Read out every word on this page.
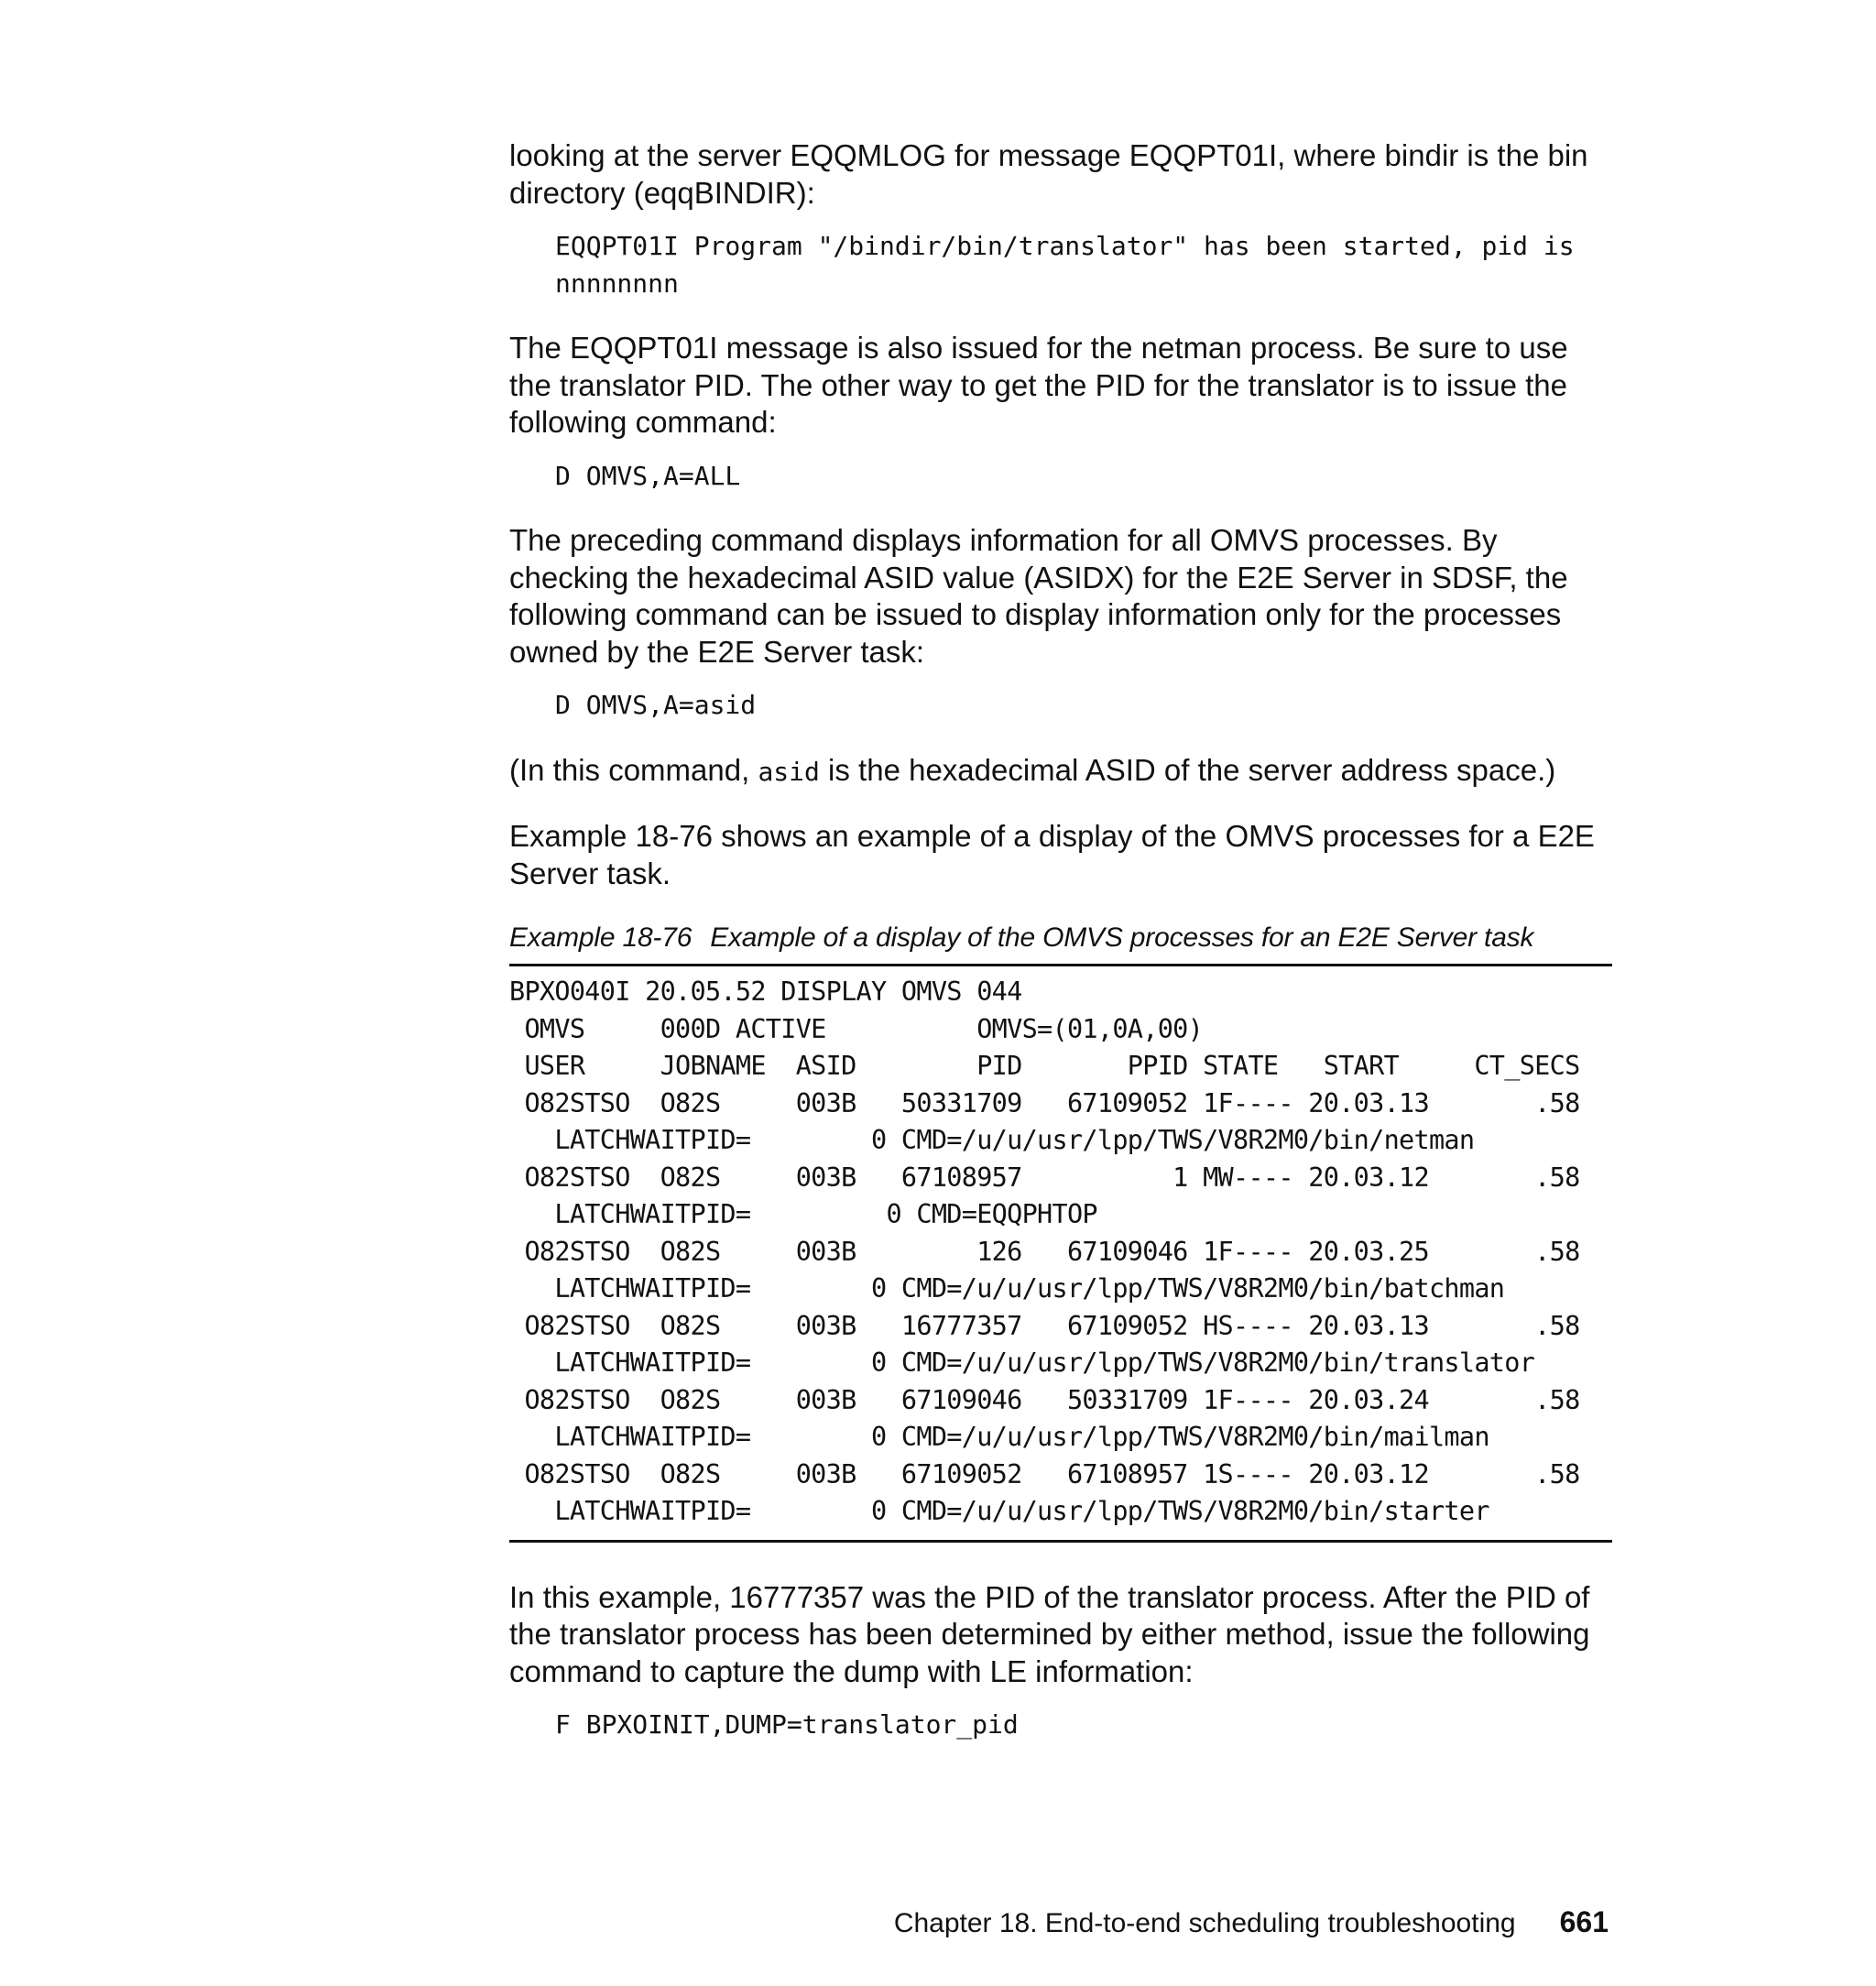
looking at the server EQQMLOG for message EQQPT01I, where bindir is the bin directory (eqqBINDIR):

EQQPT01I Program "/bindir/bin/translator" has been started, pid is
nnnnnnnn

The EQQPT01I message is also issued for the netman process. Be sure to use the translator PID. The other way to get the PID for the translator is to issue the following command:

D OMVS,A=ALL

The preceding command displays information for all OMVS processes. By checking the hexadecimal ASID value (ASIDX) for the E2E Server in SDSF, the following command can be issued to display information only for the processes owned by the E2E Server task:

D OMVS,A=asid

(In this command, asid is the hexadecimal ASID of the server address space.)

Example 18-76 shows an example of a display of the OMVS processes for a E2E Server task.

Example 18-76 Example of a display of the OMVS processes for an E2E Server task
BPXO040I 20.05.52 DISPLAY OMVS 044
OMVS     000D ACTIVE          OMVS=(01,0A,00)
USER     JOBNAME  ASID        PID       PPID STATE   START     CT_SECS
O82STSO  O82S     003B   50331709   67109052 1F---- 20.03.13       .58
LATCHWAITPID=        0 CMD=/u/u/usr/lpp/TWS/V8R2M0/bin/netman
O82STSO  O82S     003B   67108957          1 MW---- 20.03.12       .58
LATCHWAITPID=         0 CMD=EQQPHTOP
O82STSO  O82S     003B        126   67109046 1F---- 20.03.25       .58
LATCHWAITPID=        0 CMD=/u/u/usr/lpp/TWS/V8R2M0/bin/batchman
O82STSO  O82S     003B   16777357   67109052 HS---- 20.03.13       .58
LATCHWAITPID=        0 CMD=/u/u/usr/lpp/TWS/V8R2M0/bin/translator
O82STSO  O82S     003B   67109046   50331709 1F---- 20.03.24       .58
LATCHWAITPID=        0 CMD=/u/u/usr/lpp/TWS/V8R2M0/bin/mailman
O82STSO  O82S     003B   67109052   67108957 1S---- 20.03.12       .58
LATCHWAITPID=        0 CMD=/u/u/usr/lpp/TWS/V8R2M0/bin/starter

In this example, 16777357 was the PID of the translator process. After the PID of the translator process has been determined by either method, issue the following command to capture the dump with LE information:

F BPXOINIT,DUMP=translator_pid
Chapter 18. End-to-end scheduling troubleshooting 661
